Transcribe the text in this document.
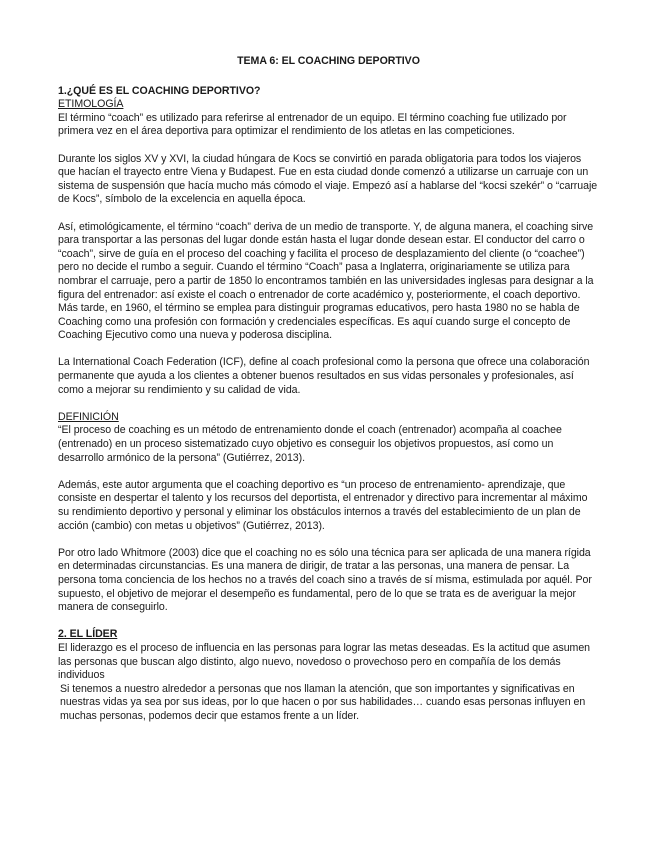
TEMA 6: EL COACHING DEPORTIVO
1.¿QUÉ ES EL COACHING DEPORTIVO?
ETIMOLOGÍA

El término “coach” es utilizado para referirse al entrenador de un equipo. El término coaching fue utilizado por primera vez en el área deportiva para optimizar el rendimiento de los atletas en las competiciones.

Durante los siglos XV y XVI, la ciudad húngara de Kocs se convirtió en parada obligatoria para todos los viajeros que hacían el trayecto entre Viena y Budapest. Fue en esta ciudad donde comenzó a utilizarse un carruaje con un sistema de suspensión que hacía mucho más cómodo el viaje. Empezó así a hablarse del “kocsi szekér” o “carruaje de Kocs”, símbolo de la excelencia en aquella época.

Así, etimológicamente, el término “coach” deriva de un medio de transporte. Y, de alguna manera, el coaching sirve para transportar a las personas del lugar donde están hasta el lugar donde desean estar. El conductor del carro o “coach”, sirve de guía en el proceso del coaching y facilita el proceso de desplazamiento del cliente (o “coachee”) pero no decide el rumbo a seguir. Cuando el término “Coach” pasa a Inglaterra, originariamente se utiliza para nombrar el carruaje, pero a partir de 1850 lo encontramos también en las universidades inglesas para designar a la figura del entrenador: así existe el coach o entrenador de corte académico y, posteriormente, el coach deportivo. Más tarde, en 1960, el término se emplea para distinguir programas educativos, pero hasta 1980 no se habla de Coaching como una profesión con formación y credenciales específicas. Es aquí cuando surge el concepto de Coaching Ejecutivo como una nueva y poderosa disciplina.

La International Coach Federation (ICF), define al coach profesional como la persona que ofrece una colaboración permanente que ayuda a los clientes a obtener buenos resultados en sus vidas personales y profesionales, así como a mejorar su rendimiento y su calidad de vida.

DEFINICIÓN

“El proceso de coaching es un método de entrenamiento donde el coach (entrenador) acompaña al coachee (entrenado) en un proceso sistematizado cuyo objetivo es conseguir los objetivos propuestos, así como un desarrollo armónico de la persona” (Gutiérrez, 2013).

Además, este autor argumenta que el coaching deportivo es “un proceso de entrenamiento- aprendizaje, que consiste en despertar el talento y los recursos del deportista, el entrenador y directivo para incrementar al máximo su rendimiento deportivo y personal y eliminar los obstáculos internos a través del establecimiento de un plan de acción (cambio) con metas u objetivos” (Gutiérrez, 2013).

Por otro lado Whitmore (2003) dice que el coaching no es sólo una técnica para ser aplicada de una manera rígida en determinadas circunstancias. Es una manera de dirigir, de tratar a las personas, una manera de pensar. La persona toma conciencia de los hechos no a través del coach sino a través de sí misma, estimulada por aquél. Por supuesto, el objetivo de mejorar el desempeño es fundamental, pero de lo que se trata es de averiguar la mejor manera de conseguirlo.

2. EL LÍDER

El liderazgo es el proceso de influencia en las personas para lograr las metas deseadas. Es la actitud que asumen las personas que buscan algo distinto, algo nuevo, novedoso o provechoso pero en compañía de los demás individuos

Si tenemos a nuestro alrededor a personas que nos llaman la atención, que son importantes y significativas en nuestras vidas ya sea por sus ideas, por lo que hacen o por sus habilidades… cuando esas personas influyen en muchas personas, podemos decir que estamos frente a un líder.
